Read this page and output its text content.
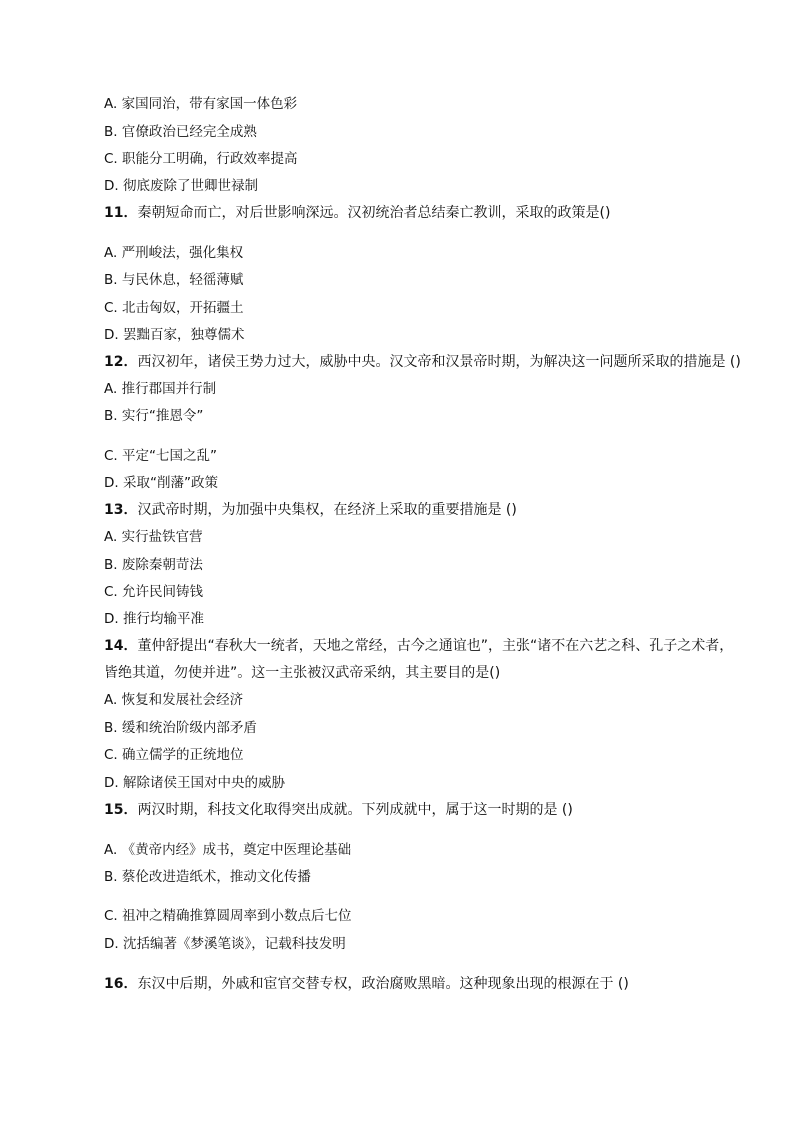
A. 家国同治，带有家国一体色彩
B. 官僚政治已经完全成熟
C. 职能分工明确，行政效率提高
D. 彻底废除了世卿世禄制
11．秦朝短命而亡，对后世影响深远。汉初统治者总结秦亡教训，采取的政策是()
A. 严刑峻法，强化集权
B. 与民休息，轻徭薄赋
C. 北击匈奴，开拓疆土
D. 罢黜百家，独尊儒术
12．西汉初年，诸侯王势力过大，威胁中央。汉文帝和汉景帝时期，为解决这一问题所采取的措施是 ()
A. 推行郡国并行制
B. 实行“推恩令”
C. 平定“七国之乱”
D. 采取“削藩”政策
13．汉武帝时期，为加强中央集权，在经济上采取的重要措施是 ()
A. 实行盐铁官营
B. 废除秦朝苛法
C. 允许民间铸钱
D. 推行均输平准
14．董仲舒提出“春秋大一统者，天地之常经，古今之通谊也”，主张“诸不在六艺之科、孔子之术者，
皆绝其道，勿使并进”。这一主张被汉武帝采纳，其主要目的是()
A. 恢复和发展社会经济
B. 缓和统治阶级内部矛盾
C. 确立儒学的正统地位
D. 解除诸侯王国对中央的威胁
15．两汉时期，科技文化取得突出成就。下列成就中，属于这一时期的是 ()
A. 《黄帝内经》成书，奠定中医理论基础
B. 蔡伦改进造纸术，推动文化传播
C. 祖冲之精确推算圆周率到小数点后七位
D. 沈括编著《梦溪笔谈》，记载科技发明
16．东汉中后期，外戚和宦官交替专权，政治腐败黑暗。这种现象出现的根源在于 ()
